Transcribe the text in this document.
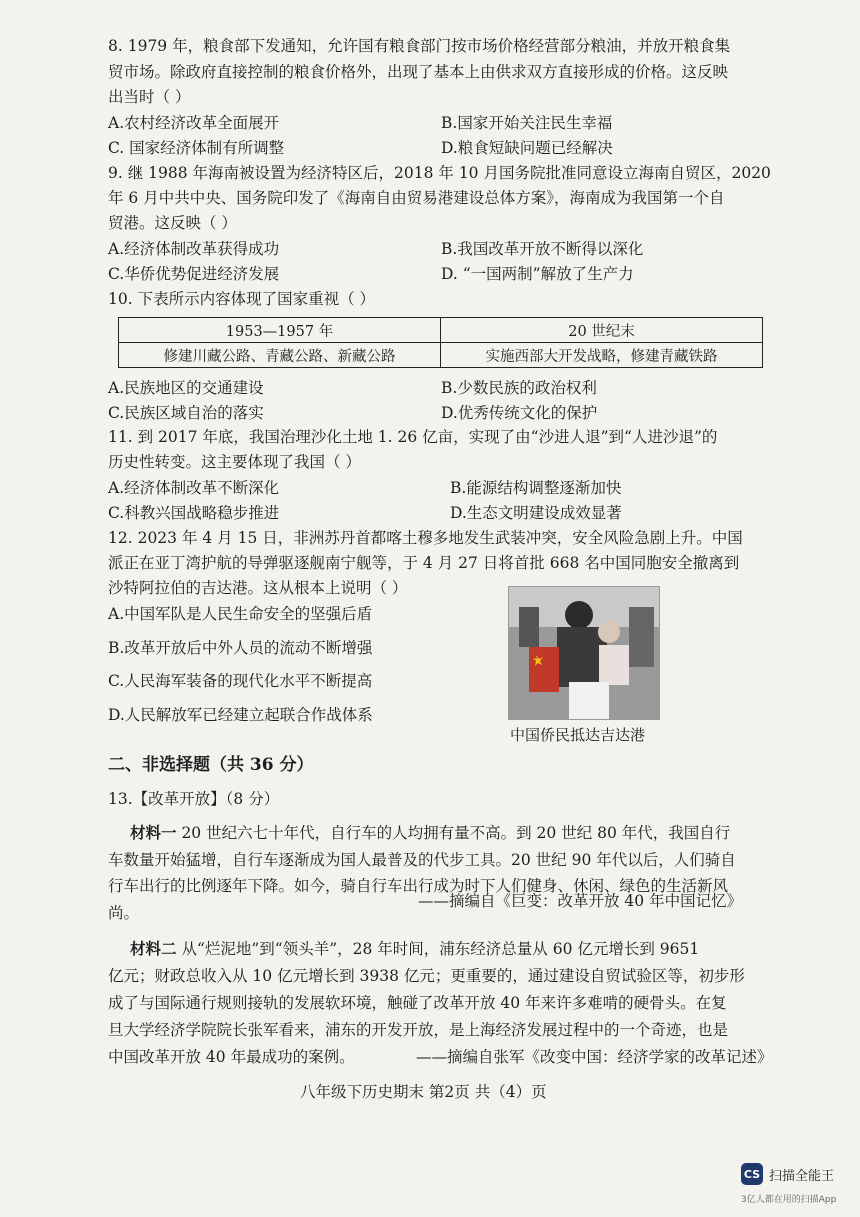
8. 1979 年，粮食部下发通知，允许国有粮食部门按市场价格经营部分粮油，并放开粮食集
贸市场。除政府直接控制的粮食价格外，出现了基本上由供求双方直接形成的价格。这反映
出当时（ ）
A.农村经济改革全面展开	B.国家开始关注民生幸福
C. 国家经济体制有所调整	D.粮食短缺问题已经解决
9. 继 1988 年海南被设置为经济特区后，2018 年 10 月国务院批准同意设立海南自贸区，2020
年 6 月中共中央、国务院印发了《海南自由贸易港建设总体方案》，海南成为我国第一个自
贸港。这反映（ ）
A.经济体制改革获得成功	B.我国改革开放不断得以深化
C.华侨优势促进经济发展	D. “一国两制”解放了生产力
10. 下表所示内容体现了国家重视（ ）
1953—1957 年	20 世纪末
修建川藏公路、青藏公路、新藏公路	实施西部大开发战略，修建青藏铁路
A.民族地区的交通建设	B.少数民族的政治权利
C.民族区域自治的落实	D.优秀传统文化的保护
11. 到 2017 年底，我国治理沙化土地 1. 26 亿亩，实现了由“沙进人退”到“人进沙退”的
历史性转变。这主要体现了我国（ ）
A.经济体制改革不断深化	B.能源结构调整逐渐加快
C.科教兴国战略稳步推进	D.生态文明建设成效显著
12. 2023 年 4 月 15 日，非洲苏丹首都喀土穆多地发生武装冲突，安全风险急剧上升。中国
派正在亚丁湾护航的导弹驱逐舰南宁舰等，于 4 月 27 日将首批 668 名中国同胞安全撤离到
沙特阿拉伯的吉达港。这从根本上说明（ ）
A.中国军队是人民生命安全的坚强后盾
B.改革开放后中外人员的流动不断增强
C.人民海军装备的现代化水平不断提高
D.人民解放军已经建立起联合作战体系
中国侨民抵达吉达港
二、非选择题（共 36 分）
13.【改革开放】（8 分）
材料一 20 世纪六七十年代，自行车的人均拥有量不高。到 20 世纪 80 年代，我国自行
车数量开始猛增，自行车逐渐成为国人最普及的代步工具。20 世纪 90 年代以后，人们骑自
行车出行的比例逐年下降。如今，骑自行车出行成为时下人们健身、休闲、绿色的生活新风
尚。
——摘编自《巨变：改革开放 40 年中国记忆》
材料二 从“烂泥地”到“领头羊”，28 年时间，浦东经济总量从 60 亿元增长到 9651
亿元；财政总收入从 10 亿元增长到 3938 亿元；更重要的，通过建设自贸试验区等，初步形
成了与国际通行规则接轨的发展软环境，触碰了改革开放 40 年来许多难啃的硬骨头。在复
旦大学经济学院院长张军看来，浦东的开发开放，是上海经济发展过程中的一个奇迹，也是
中国改革开放 40 年最成功的案例。	——摘编自张军《改变中国：经济学家的改革记述》
八年级下历史期末 第2页 共（4）页
CS 扫描全能王
3亿人都在用的扫描App
